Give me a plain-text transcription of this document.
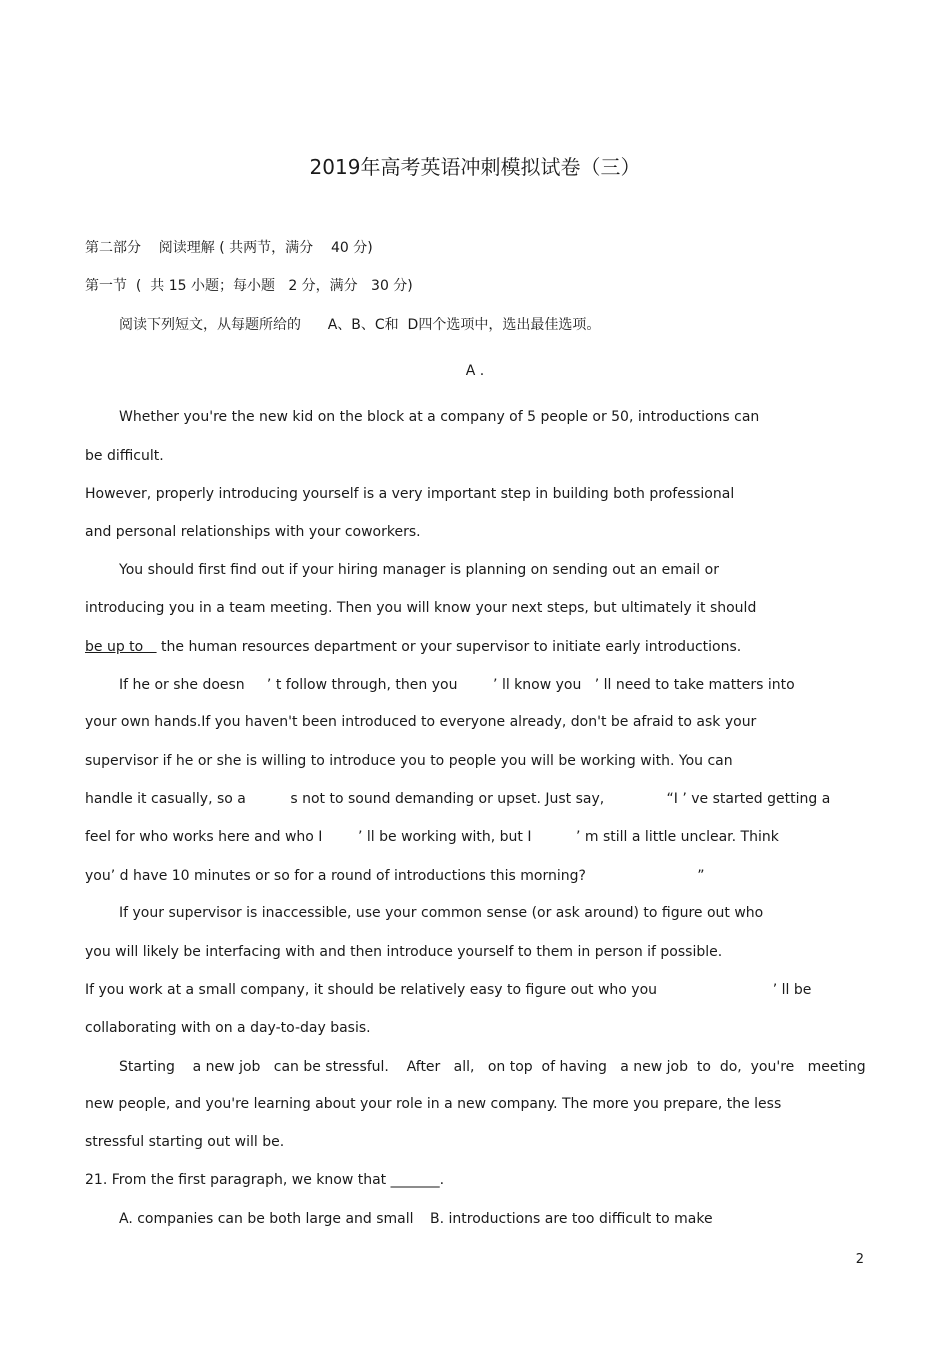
2019年高考英语冲刺模拟试卷（三）
第二部分    阅读理解 ( 共两节，满分    40 分)
第一节  (  共 15 小题；每小题   2 分，满分   30 分)
阅读下列短文，从每题所给的      A、B、C和  D四个选项中，选出最佳选项。
A .
Whether you're the new kid on the block at a company of 5 people or 50, introductions can
be difficult.
However, properly introducing yourself is a very important step in building both professional
and personal relationships with your coworkers.
You should first find out if your hiring manager is planning on sending out an email or
introducing you in a team meeting. Then you will know your next steps, but ultimately it should
be up to    the human resources department or your supervisor to initiate early introductions.
If he or she doesn     ’ t follow through, then you        ’ ll know you   ’ ll need to take matters into
your own hands.If you haven't been introduced to everyone already, don't be afraid to ask your
supervisor if he or she is willing to introduce you to people you will be working with. You can
handle it casually, so a          s not to sound demanding or upset. Just say,              “I ’ ve started getting a
feel for who works here and who I        ’ ll be working with, but I          ’ m still a little unclear. Think
you’ d have 10 minutes or so for a round of introductions this morning?                         ”
If your supervisor is inaccessible, use your common sense (or ask around) to figure out who
you will likely be interfacing with and then introduce yourself to them in person if possible.
If you work at a small company, it should be relatively easy to figure out who you                          ’ ll be
collaborating with on a day-to-day basis.
Starting    a new job   can be stressful.    After   all,   on top  of having   a new job  to  do,  you're   meeting
new people, and you're learning about your role in a new company. The more you prepare, the less
stressful starting out will be.
21. From the first paragraph, we know that _______.
A. companies can be both large and small B. introductions are too difficult to make
2
